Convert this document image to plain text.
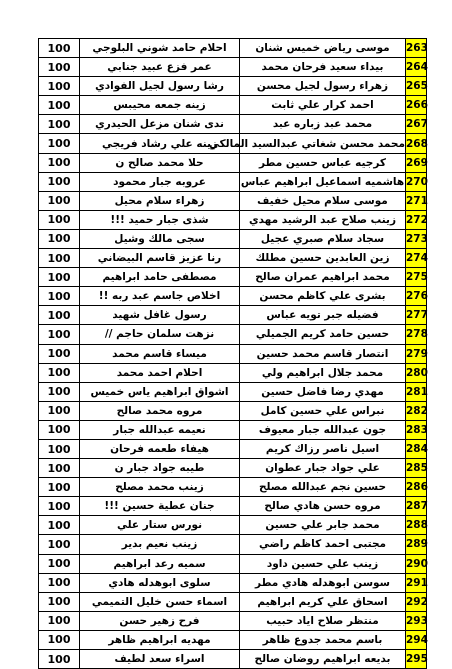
100	احلام حامد شوني البلوجي	موسى رياض خميس شنان	263
100	عمر فزع عبيد جنابي	بيداء سعيد فرحان محمد	264
100	رشا رسول لجيل الفوادي	زهراء رسول لجيل محسن	265
100	زينه جمعه محيبس	احمد كرار علي ثابت	266
100	ندى شنان مزعل الحيدري	محمد عبد زباره عبد	267
100	زينه علي رشاد فريجي	محمد محسن شغاتي عبدالسيد المالكي	268
100	حلا محمد صالح ن	كرجيه عباس حسين مطر	269
100	عروبه جبار محمود	هاشميه اسماعيل ابراهيم عباس	270
100	زهراء سلام محيل	موسى سلام محيل خفيف	271
100	شذى جبار حميد !!!	زينب صلاح عبد الرشيد مهدي	272
100	سجى مالك وشيل	سجاد سلام صبري عجيل	273
100	رنا عزيز قاسم البيضاني	زين العابدين حسين مطلك	274
100	مصطفى حامد ابراهيم	محمد ابراهيم عمران صالح	275
100	اخلاص جاسم عبد ربه !!	بشرى علي كاظم محسن	276
100	رسول غافل شهيد	فضيله جبر تويه عباس	277
100	نزهت سلمان حاجم //	حسين حامد كريم الجميلي	278
100	ميساء قاسم محمد	انتصار قاسم محمد حسين	279
100	احلام احمد محمد	محمد جلال ابراهيم ولي	280
100	اشواق ابراهيم ياس خميس	مهدي رضا فاضل حسين	281
100	مروه محمد صالح	نبراس علي حسين كامل	282
100	نعيمه عبدالله جبار	جون عبدالله جبار معيوف	283
100	هيفاء طعمه فرحان	اسيل ناصر رزاك كريم	284
100	طيبه جواد جبار ن	علي جواد جبار عطوان	285
100	زينب محمد مصلح	حسين نجم عبدالله مصلح	286
100	جنان عطية حسين !!!	مروه حسن هادي صالح	287
100	نورس ستار علي	محمد جابر علي حسين	288
100	زينب نعيم بدير	مجتبى احمد كاظم راضي	289
100	سميه رعد ابراهيم	زينب علي حسين داود	290
100	سلوى ابوهدله هادي	سوسن ابوهدله هادي مطر	291
100	اسماء حسن خليل التميمي	اسحاق علي كريم ابراهيم	292
100	فرح زهير حسن	منتظر صلاح اياد حبيب	293
100	مهديه ابراهيم ظاهر	باسم محمد جدوع ظاهر	294
100	اسراء سعد لطيف	بديعه ابراهيم روضان صالح	295
